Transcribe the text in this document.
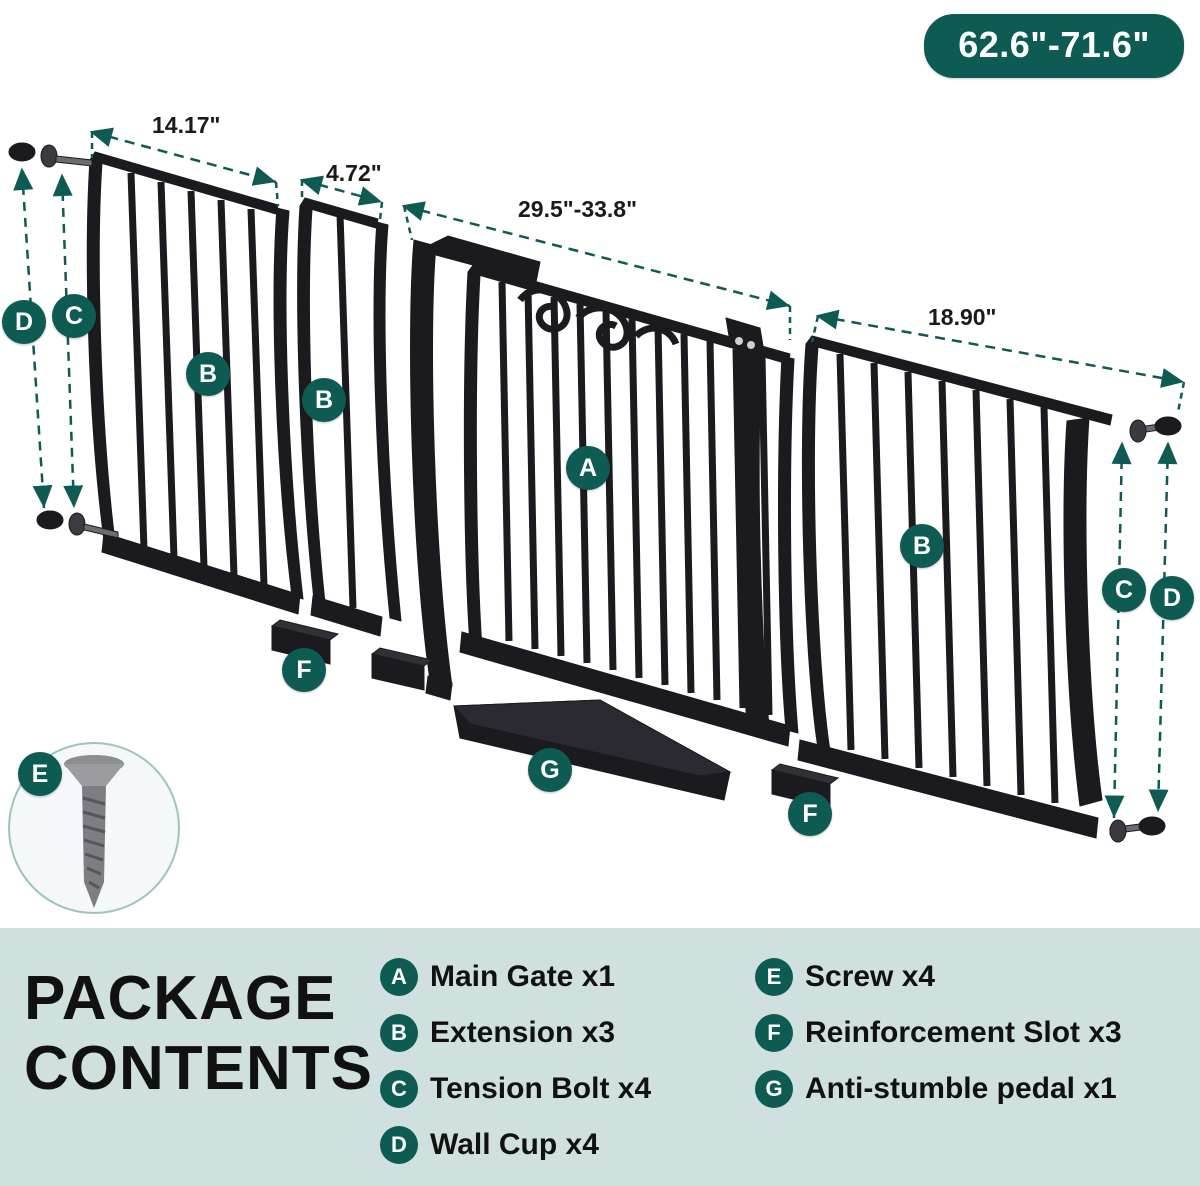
62.6"-71.6"
14.17"
4.72"
29.5"-33.8"
18.90"
D	C
B
B
A
B
C	D
F
F
G
E
PACKAGE
CONTENTS
A Main Gate x1
B Extension x3
C Tension Bolt x4
D Wall Cup x4
E Screw x4
F Reinforcement Slot x3
G Anti-stumble pedal x1
